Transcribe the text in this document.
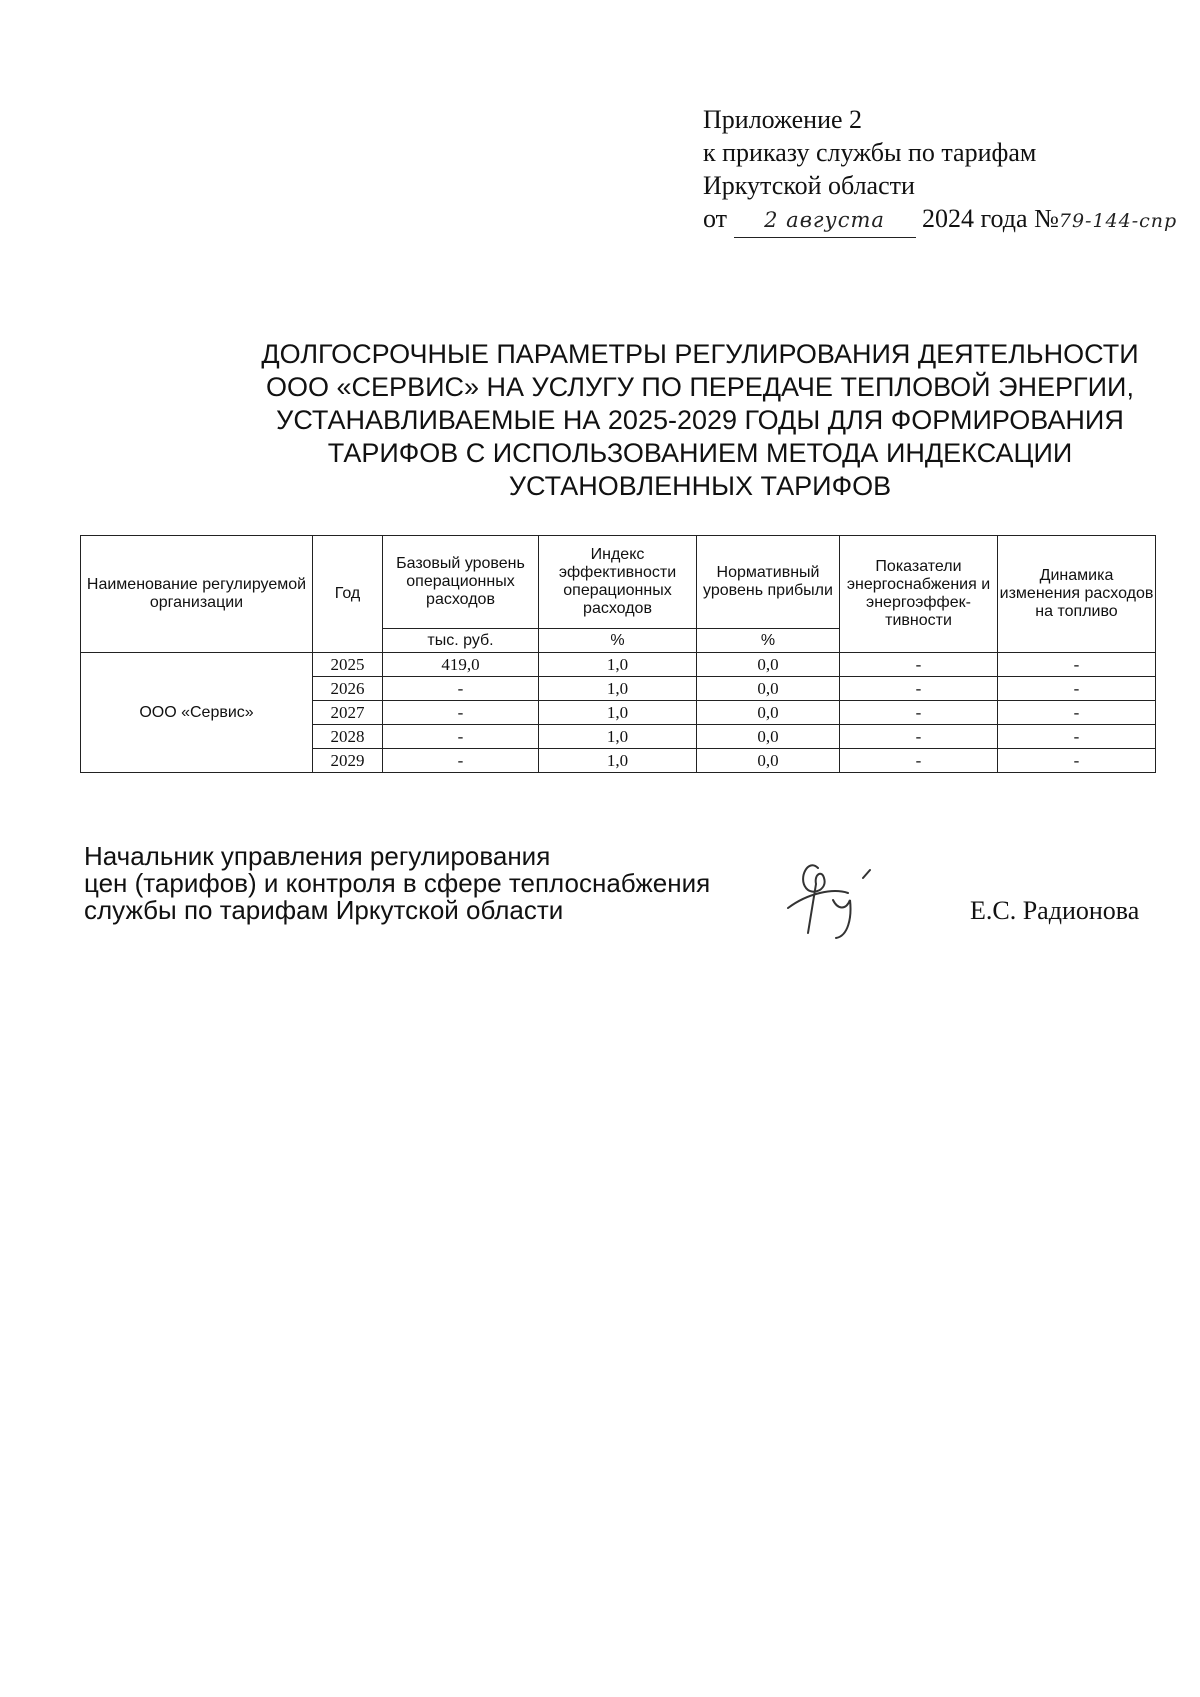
Приложение 2
к приказу службы по тарифам
Иркутской области
от 2 августа 2024 года №79-144-спр
ДОЛГОСРОЧНЫЕ ПАРАМЕТРЫ РЕГУЛИРОВАНИЯ ДЕЯТЕЛЬНОСТИ
ООО «СЕРВИС» НА УСЛУГУ ПО ПЕРЕДАЧЕ ТЕПЛОВОЙ ЭНЕРГИИ,
УСТАНАВЛИВАЕМЫЕ НА 2025-2029 ГОДЫ ДЛЯ ФОРМИРОВАНИЯ
ТАРИФОВ С ИСПОЛЬЗОВАНИЕМ МЕТОДА ИНДЕКСАЦИИ
УСТАНОВЛЕННЫХ ТАРИФОВ
Наименование регулируемой организации	Год	Базовый уровень операционных расходов	Индекс эффективности операционных расходов	Нормативный уровень прибыли	Показатели энергоснабжения и энергоэффек-тивности	Динамика изменения расходов на топливо
		тыс. руб.	%	%		
ООО «Сервис»	2025	419,0	1,0	0,0	-	-
	2026	-	1,0	0,0	-	-
	2027	-	1,0	0,0	-	-
	2028	-	1,0	0,0	-	-
	2029	-	1,0	0,0	-	-
Начальник управления регулирования
цен (тарифов) и контроля в сфере теплоснабжения
службы по тарифам Иркутской области	Е.С. Радионова
